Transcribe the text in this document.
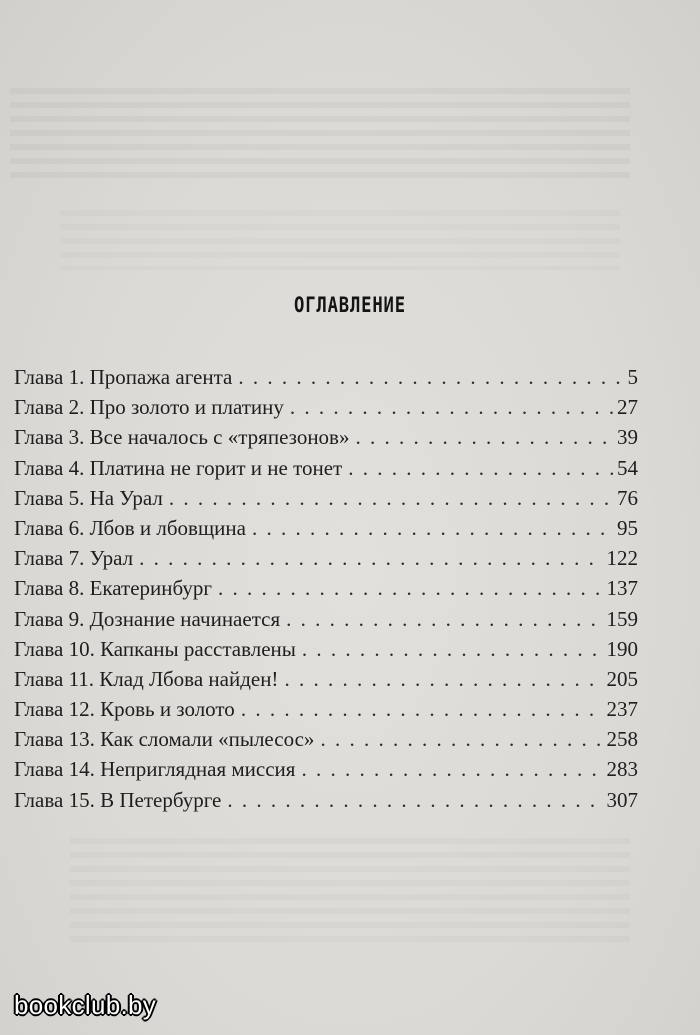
ОГЛАВЛЕНИЕ
Глава 1. Пропажа агента . . .	5
Глава 2. Про золото и платину . . .	27
Глава 3. Все началось с «тряпезонов» . . .	39
Глава 4. Платина не горит и не тонет . . .	54
Глава 5. На Урал . . .	76
Глава 6. Лбов и лбовщина . . .	95
Глава 7. Урал . . .	122
Глава 8. Екатеринбург . . .	137
Глава 9. Дознание начинается . . .	159
Глава 10. Капканы расставлены . . .	190
Глава 11. Клад Лбова найден! . . .	205
Глава 12. Кровь и золото . . .	237
Глава 13. Как сломали «пылесос» . . .	258
Глава 14. Неприглядная миссия . . .	283
Глава 15. В Петербурге . . .	307
bookclub.by
